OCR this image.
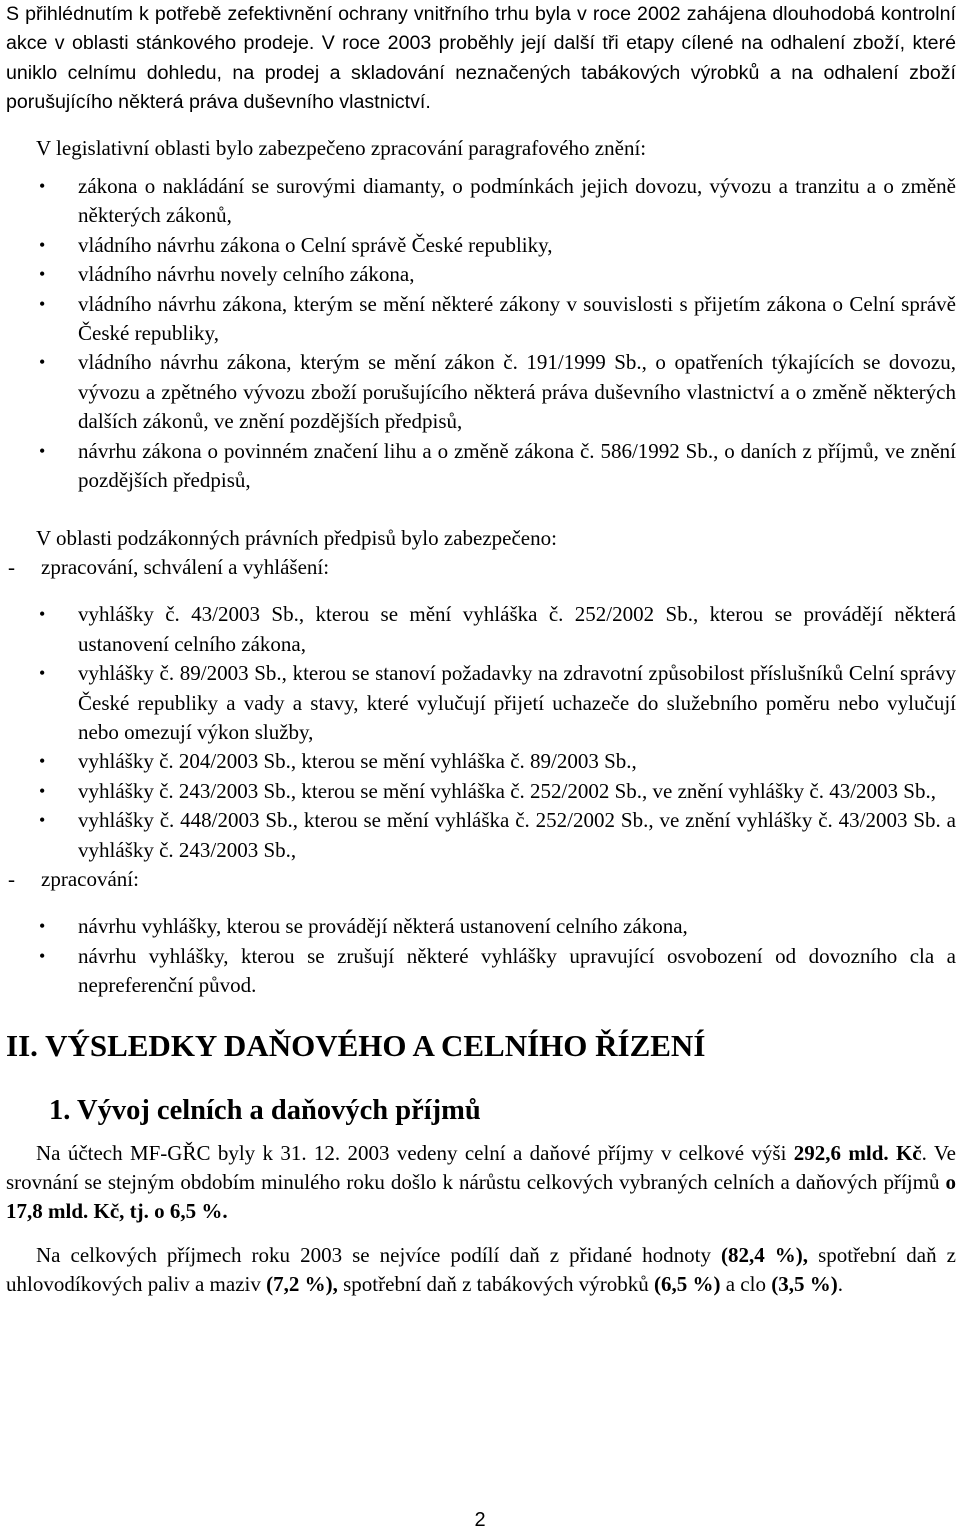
S přihlédnutím k potřebě zefektivnění ochrany vnitřního trhu byla v roce 2002 zahájena dlouhodobá kontrolní akce v oblasti stánkového prodeje. V roce 2003 proběhly její další tři etapy cílené na odhalení zboží, které uniklo celnímu dohledu, na prodej a skladování neznačených tabákových výrobků a na odhalení zboží porušujícího některá práva duševního vlastnictví.

V legislativní oblasti bylo zabezpečeno zpracování paragrafového znění:

• zákona o nakládání se surovými diamanty, o podmínkách jejich dovozu, vývozu a tranzitu a o změně některých zákonů,
• vládního návrhu zákona o Celní správě České republiky,
• vládního návrhu novely celního zákona,
• vládního návrhu zákona, kterým se mění některé zákony v souvislosti s přijetím zákona o Celní správě České republiky,
• vládního návrhu zákona, kterým se mění zákon č. 191/1999 Sb., o opatřeních týkajících se dovozu, vývozu a zpětného vývozu zboží porušujícího některá práva duševního vlastnictví a o změně některých dalších zákonů, ve znění pozdějších předpisů,
• návrhu zákona o povinném značení lihu a o změně zákona č. 586/1992 Sb., o daních z příjmů, ve znění pozdějších předpisů,

V oblasti podzákonných právních předpisů bylo zabezpečeno:

- zpracování, schválení a vyhlášení:

• vyhlášky č. 43/2003 Sb., kterou se mění vyhláška č. 252/2002 Sb., kterou se provádějí některá ustanovení celního zákona,
• vyhlášky č. 89/2003 Sb., kterou se stanoví požadavky na zdravotní způsobilost příslušníků Celní správy České republiky a vady a stavy, které vylučují přijetí uchazeče do služebního poměru nebo vylučují nebo omezují výkon služby,
• vyhlášky č. 204/2003 Sb., kterou se mění vyhláška č. 89/2003 Sb.,
• vyhlášky č. 243/2003 Sb., kterou se mění vyhláška č. 252/2002 Sb., ve znění vyhlášky č. 43/2003 Sb.,
• vyhlášky č. 448/2003 Sb., kterou se mění vyhláška č. 252/2002 Sb., ve znění vyhlášky č. 43/2003 Sb. a vyhlášky č. 243/2003 Sb.,

- zpracování:

• návrhu vyhlášky, kterou se provádějí některá ustanovení celního zákona,
• návrhu vyhlášky, kterou se zrušují některé vyhlášky upravující osvobození od dovozního cla a nepreferenční původ.
II. VÝSLEDKY DAŇOVÉHO A CELNÍHO ŘÍZENÍ
1. Vývoj celních a daňových příjmů

Na účtech MF-GŘC byly k 31. 12. 2003 vedeny celní a daňové příjmy v celkové výši 292,6 mld. Kč. Ve srovnání se stejným obdobím minulého roku došlo k nárůstu celkových vybraných celních a daňových příjmů o 17,8 mld. Kč, tj. o 6,5 %.

Na celkových příjmech roku 2003 se nejvíce podílí daň z přidané hodnoty (82,4 %), spotřební daň z uhlovodíkových paliv a maziv (7,2 %), spotřební daň z tabákových výrobků (6,5 %) a clo (3,5 %).

2
